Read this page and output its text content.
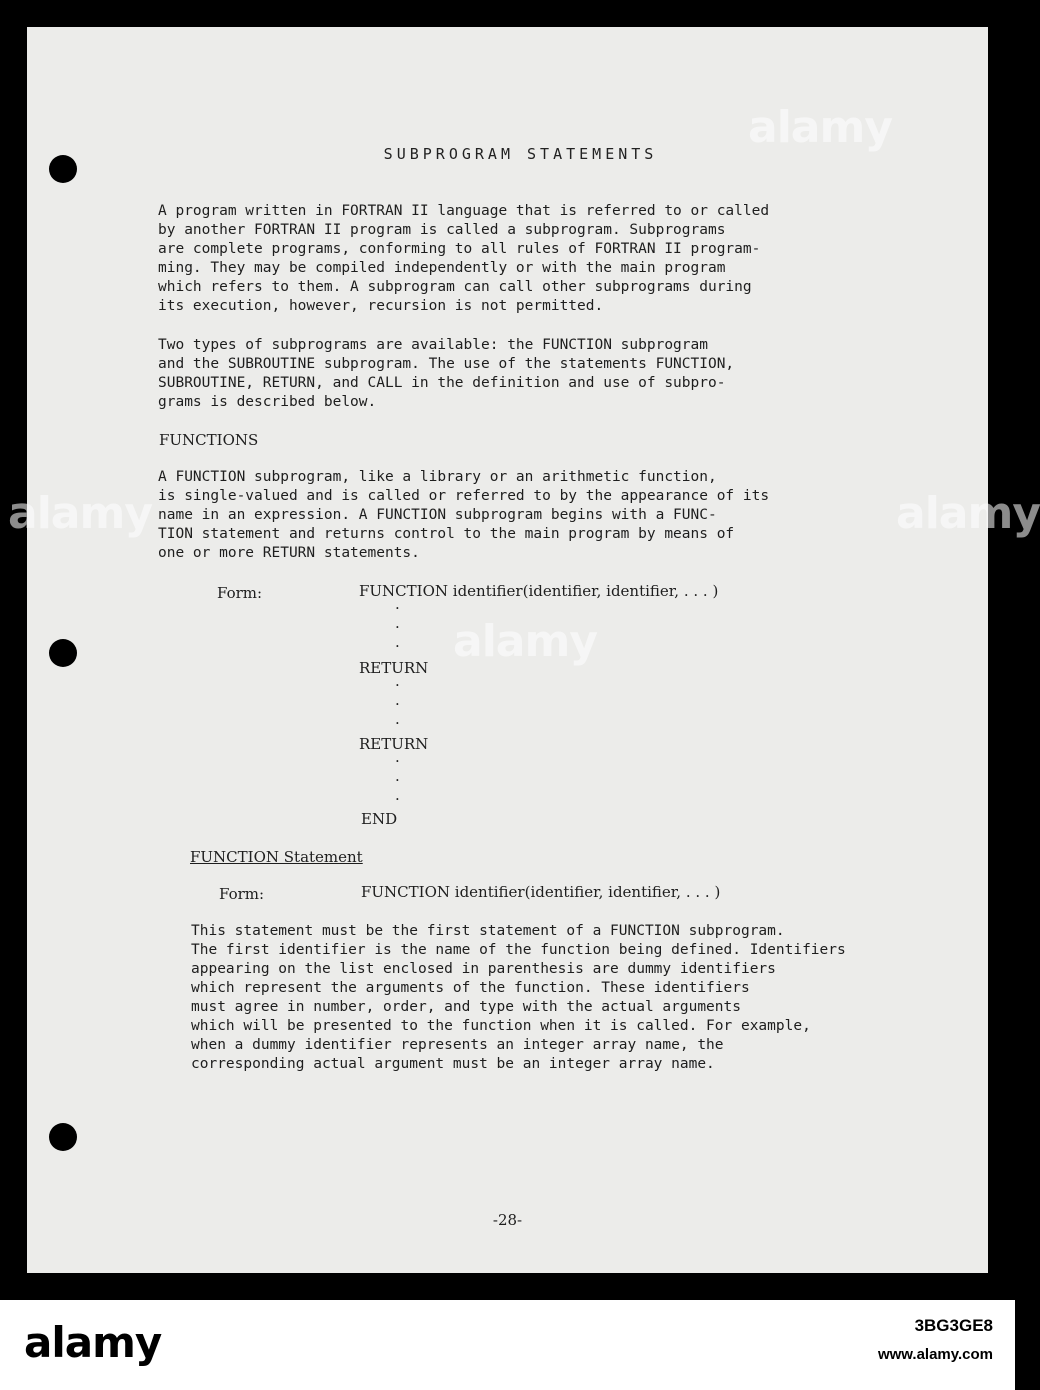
SUBPROGRAM STATEMENTS

A program written in FORTRAN II language that is referred to or called
by another FORTRAN II program is called a subprogram. Subprograms
are complete programs, conforming to all rules of FORTRAN II program-
ming. They may be compiled independently or with the main program
which refers to them. A subprogram can call other subprograms during
its execution, however, recursion is not permitted.

Two types of subprograms are available: the FUNCTION subprogram
and the SUBROUTINE subprogram. The use of the statements FUNCTION,
SUBROUTINE, RETURN, and CALL in the definition and use of subpro-
grams is described below.

FUNCTIONS

A FUNCTION subprogram, like a library or an arithmetic function,
is single-valued and is called or referred to by the appearance of its
name in an expression. A FUNCTION subprogram begins with a FUNC-
TION statement and returns control to the main program by means of
one or more RETURN statements.

Form:	FUNCTION identifier(identifier, identifier, . . . )

.
.
.

RETURN

.
.
.

RETURN

.
.
.

END

FUNCTION Statement

Form:	FUNCTION identifier(identifier, identifier, . . . )

This statement must be the first statement of a FUNCTION subprogram.
The first identifier is the name of the function being defined. Identifiers
appearing on the list enclosed in parenthesis are dummy identifiers
which represent the arguments of the function. These identifiers
must agree in number, order, and type with the actual arguments
which will be presented to the function when it is called. For example,
when a dummy identifier represents an integer array name, the
corresponding actual argument must be an integer array name.

-28-

alamy
alamy	alamy
alamy
alamy	3BG3GE8
www.alamy.com
